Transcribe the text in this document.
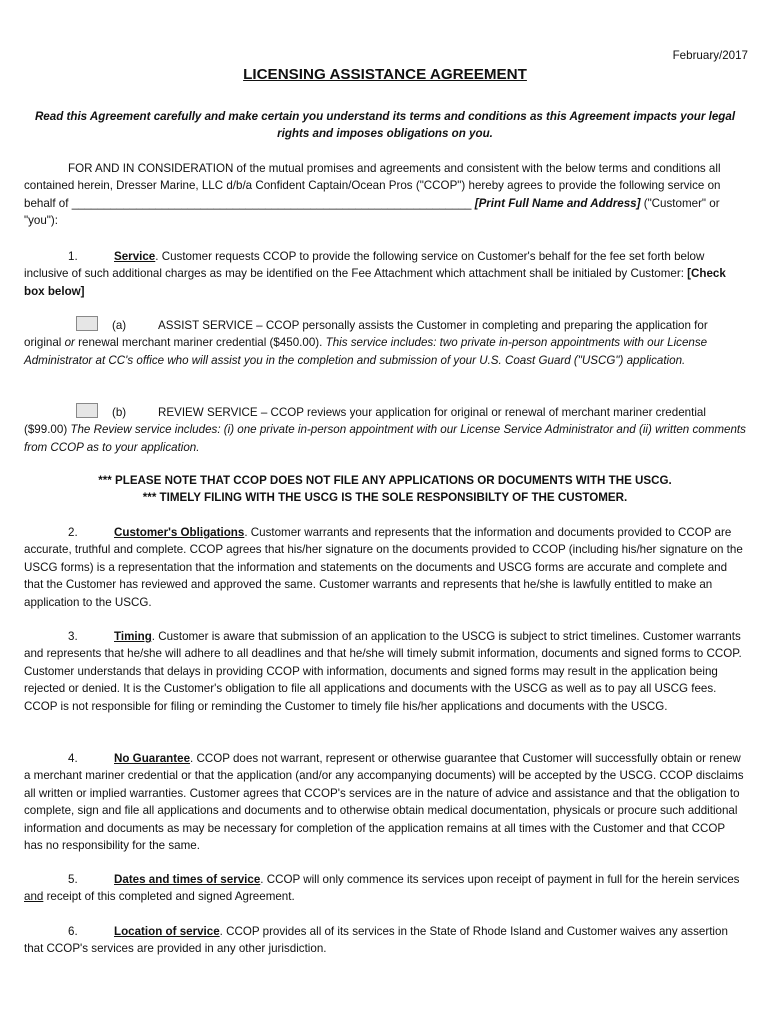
February/2017
LICENSING ASSISTANCE AGREEMENT

Read this Agreement carefully and make certain you understand its terms and conditions as this Agreement impacts your legal rights and imposes obligations on you.

FOR AND IN CONSIDERATION of the mutual promises and agreements and consistent with the below terms and conditions all contained herein, Dresser Marine, LLC d/b/a Confident Captain/Ocean Pros ("CCOP") hereby agrees to provide the following service on behalf of ______________________________________________________________ [Print Full Name and Address] ("Customer" or "you"):

1.	Service. Customer requests CCOP to provide the following service on Customer's behalf for the fee set forth below inclusive of such additional charges as may be identified on the Fee Attachment which attachment shall be initialed by Customer: [Check box below]

(a)	ASSIST SERVICE – CCOP personally assists the Customer in completing and preparing the application for original or renewal merchant mariner credential ($450.00). This service includes: two private in-person appointments with our License Administrator at CC's office who will assist you in the completion and submission of your U.S. Coast Guard ("USCG") application.

(b)	REVIEW SERVICE – CCOP reviews your application for original or renewal of merchant mariner credential ($99.00) The Review service includes: (i) one private in-person appointment with our License Service Administrator and (ii) written comments from CCOP as to your application.

*** PLEASE NOTE THAT CCOP DOES NOT FILE ANY APPLICATIONS OR DOCUMENTS WITH THE USCG.

*** TIMELY FILING WITH THE USCG IS THE SOLE RESPONSIBILTY OF THE CUSTOMER.

2.	Customer's Obligations. Customer warrants and represents that the information and documents provided to CCOP are accurate, truthful and complete. CCOP agrees that his/her signature on the documents provided to CCOP (including his/her signature on the USCG forms) is a representation that the information and statements on the documents and USCG forms are accurate and complete and that the Customer has reviewed and approved the same. Customer warrants and represents that he/she is lawfully entitled to make an application to the USCG.

3.	Timing. Customer is aware that submission of an application to the USCG is subject to strict timelines. Customer warrants and represents that he/she will adhere to all deadlines and that he/she will timely submit information, documents and signed forms to CCOP. Customer understands that delays in providing CCOP with information, documents and signed forms may result in the application being rejected or denied. It is the Customer's obligation to file all applications and documents with the USCG as well as to pay all USCG fees. CCOP is not responsible for filing or reminding the Customer to timely file his/her applications and documents with the USCG.

4.	No Guarantee. CCOP does not warrant, represent or otherwise guarantee that Customer will successfully obtain or renew a merchant mariner credential or that the application (and/or any accompanying documents) will be accepted by the USCG. CCOP disclaims all written or implied warranties. Customer agrees that CCOP's services are in the nature of advice and assistance and that the obligation to complete, sign and file all applications and documents and to otherwise obtain medical documentation, physicals or procure such additional information and documents as may be necessary for completion of the application remains at all times with the Customer and that CCOP has no responsibility for the same.

5.	Dates and times of service. CCOP will only commence its services upon receipt of payment in full for the herein services and receipt of this completed and signed Agreement.

6.	Location of service. CCOP provides all of its services in the State of Rhode Island and Customer waives any assertion that CCOP's services are provided in any other jurisdiction.
